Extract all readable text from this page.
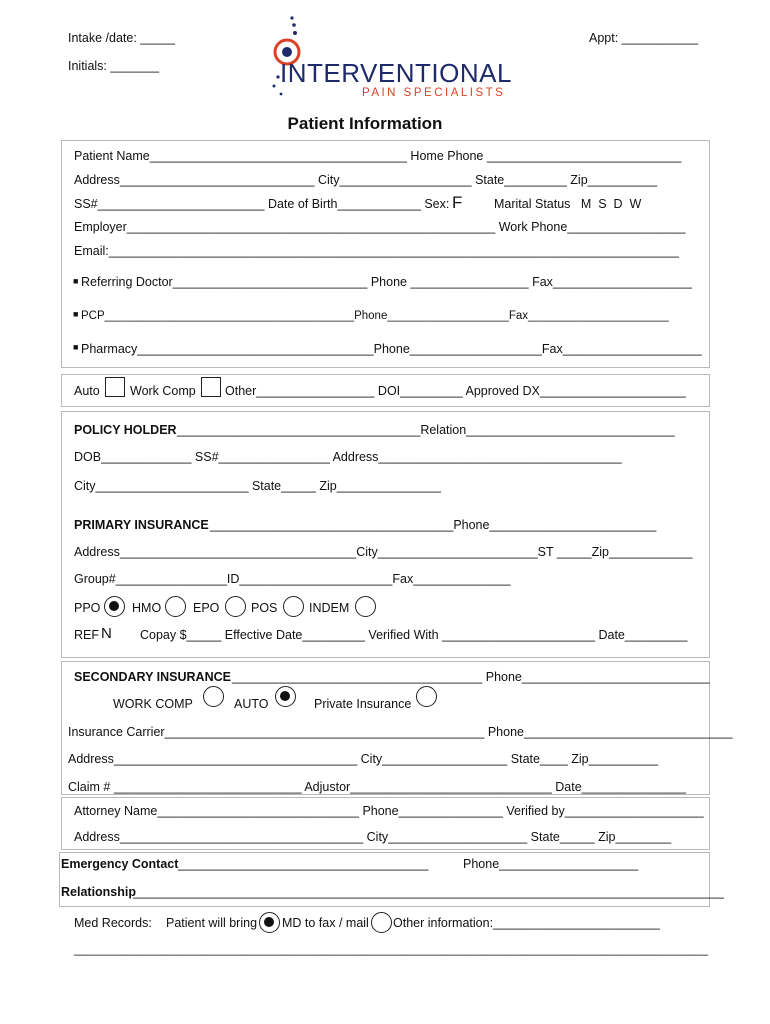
Intake /date: _____
Initials: _______
Appt: ___________
INTERVENTIONAL
PAIN SPECIALISTS
Patient Information
Patient Name_____________________________________ Home Phone ____________________________
Address____________________________ City___________________ State_________ Zip__________
SS#________________________ Date of Birth____________ Sex: F	Marital Status   M  S  D  W
Employer_____________________________________________________ Work Phone_________________
Email:__________________________________________________________________________________
■ Referring Doctor____________________________ Phone _________________ Fax____________________
■ PCP_______________________________________Phone___________________Fax______________________
■ Pharmacy__________________________________Phone___________________Fax____________________
Auto Work Comp Other_________________ DOI_________ Approved DX_____________________
POLICY HOLDER ___________________________________Relation______________________________
DOB_____________ SS#________________ Address___________________________________
City______________________ State_____ Zip_______________
PRIMARY INSURANCE ___________________________________Phone________________________
Address__________________________________City_______________________ST _____Zip____________
Group#________________ID______________________Fax______________
PPO	HMO	EPO	POS	INDEM
REF N Copay $_____ Effective Date_________ Verified With ______________________ Date_________
SECONDARY INSURANCE ____________________________________ Phone___________________________
WORK COMP	AUTO	Private Insurance
Insurance Carrier______________________________________________ Phone______________________________
Address___________________________________ City__________________ State____ Zip__________
Claim # ___________________________ Adjustor_____________________________ Date_______________
Attorney Name_____________________________ Phone_______________ Verified by____________________
Address___________________________________ City____________________ State_____ Zip________
Emergency Contact ____________________________________          Phone____________________
Relationship
_____________________________________________________________________________________
Med Records: Patient will bring MD to fax / mail Other information:________________________
_______________________________________________________________________________________________
